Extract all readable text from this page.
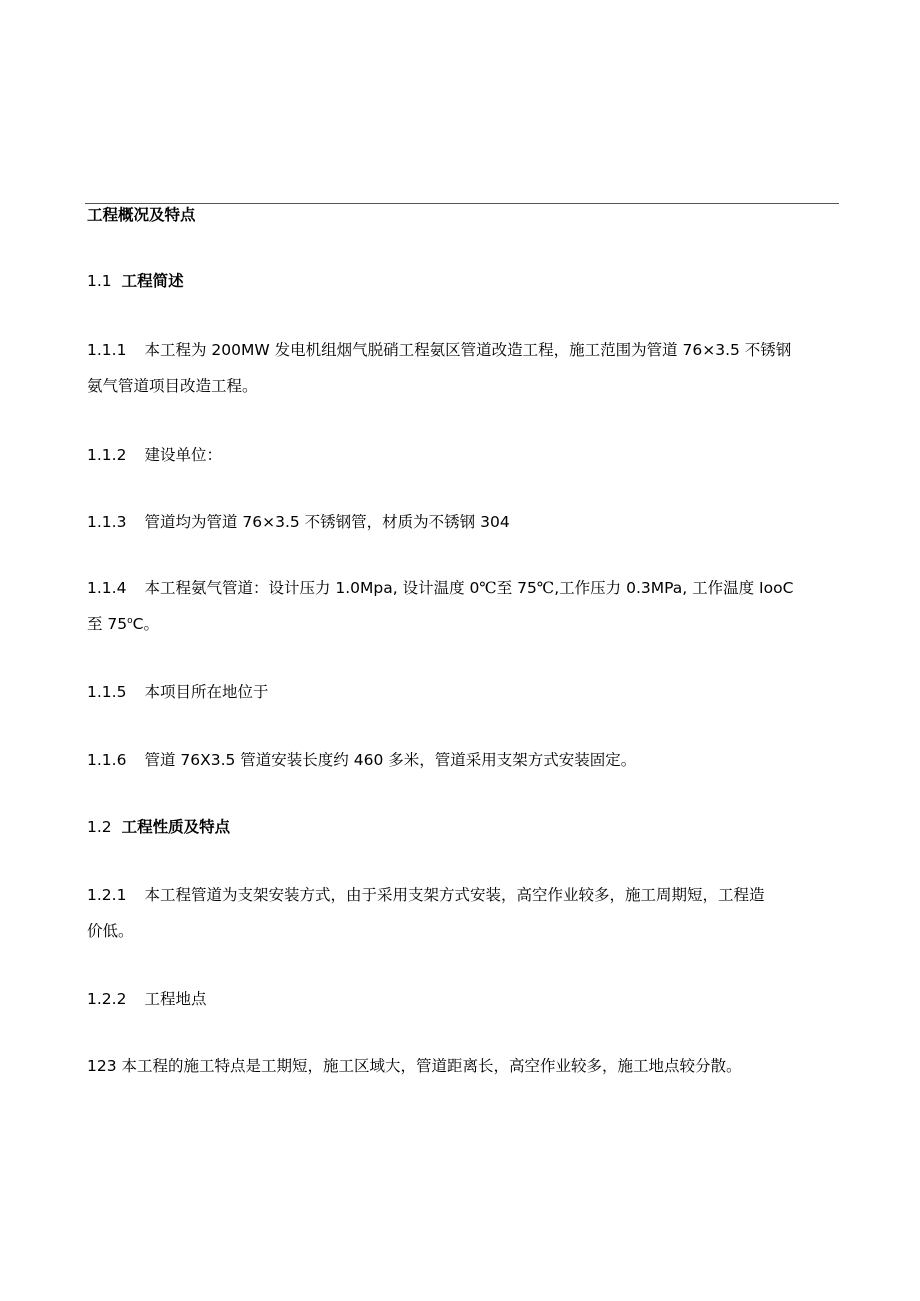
工程概况及特点
1.1 工程简述
1.1.1 本工程为 200MW 发电机组烟气脱硝工程氨区管道改造工程，施工范围为管道 76×3.5 不锈钢
氨气管道项目改造工程。
1.1.2 建设单位：
1.1.3 管道均为管道 76×3.5 不锈钢管，材质为不锈钢 304
1.1.4 本工程氨气管道：设计压力 1.0Mpa, 设计温度 0℃至 75℃,工作压力 0.3MPa, 工作温度 IooC
至 75$^o$C。
1.1.5 本项目所在地位于
1.1.6 管道 76X3.5 管道安装长度约 460 多米，管道采用支架方式安装固定。
1.2 工程性质及特点
1.2.1 本工程管道为支架安装方式，由于采用支架方式安装，高空作业较多，施工周期短，工程造
价低。
1.2.2 工程地点
123 本工程的施工特点是工期短，施工区域大，管道距离长，高空作业较多，施工地点较分散。
